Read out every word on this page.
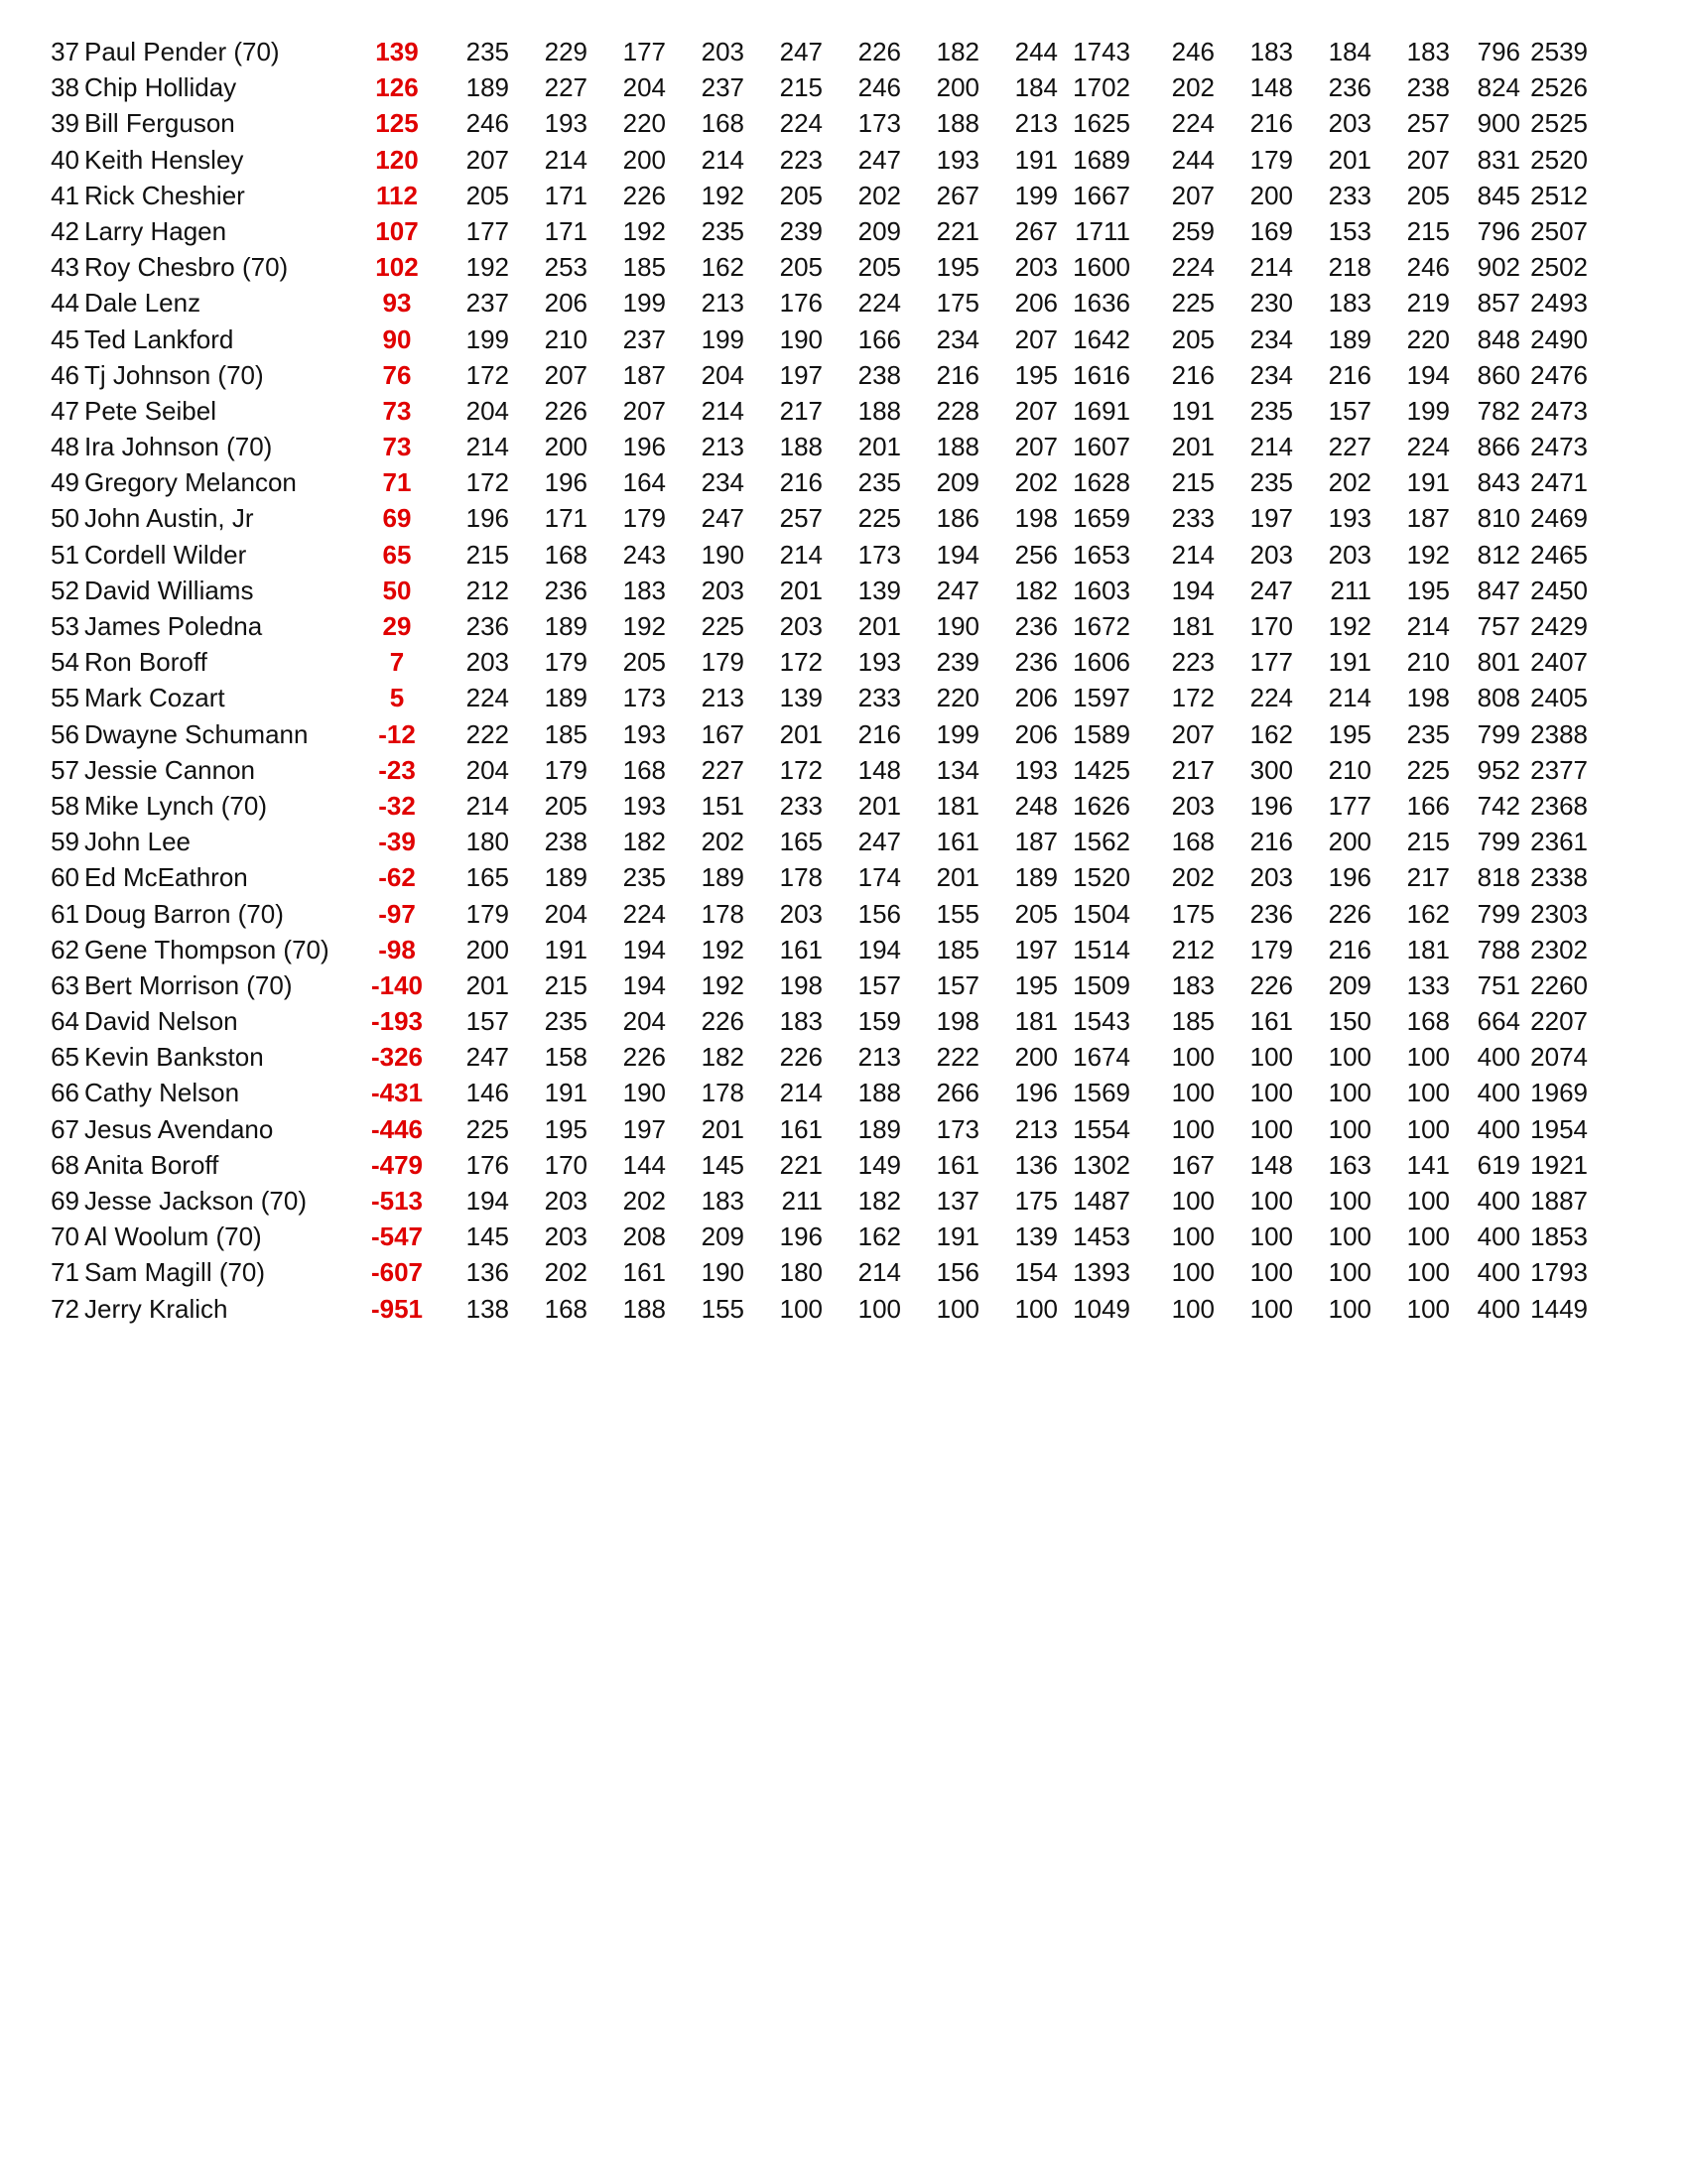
37 Paul Pender (70)	139	235	229	177	203	247	226	182	244 1743	246	183	184	183	796 2539
38 Chip Holliday	126	189	227	204	237	215	246	200	184 1702	202	148	236	238	824 2526
39 Bill Ferguson	125	246	193	220	168	224	173	188	213 1625	224	216	203	257	900 2525
40 Keith Hensley	120	207	214	200	214	223	247	193	191 1689	244	179	201	207	831 2520
41 Rick Cheshier	112	205	171	226	192	205	202	267	199 1667	207	200	233	205	845 2512
42 Larry Hagen	107	177	171	192	235	239	209	221	267 1711	259	169	153	215	796 2507
43 Roy Chesbro (70)	102	192	253	185	162	205	205	195	203 1600	224	214	218	246	902 2502
44 Dale Lenz	93	237	206	199	213	176	224	175	206 1636	225	230	183	219	857 2493
45 Ted Lankford	90	199	210	237	199	190	166	234	207 1642	205	234	189	220	848 2490
46 Tj Johnson (70)	76	172	207	187	204	197	238	216	195 1616	216	234	216	194	860 2476
47 Pete Seibel	73	204	226	207	214	217	188	228	207 1691	191	235	157	199	782 2473
48 Ira Johnson (70)	73	214	200	196	213	188	201	188	207 1607	201	214	227	224	866 2473
49 Gregory Melancon	71	172	196	164	234	216	235	209	202 1628	215	235	202	191	843 2471
50 John Austin, Jr	69	196	171	179	247	257	225	186	198 1659	233	197	193	187	810 2469
51 Cordell Wilder	65	215	168	243	190	214	173	194	256 1653	214	203	203	192	812 2465
52 David Williams	50	212	236	183	203	201	139	247	182 1603	194	247	211	195	847 2450
53 James Poledna	29	236	189	192	225	203	201	190	236 1672	181	170	192	214	757 2429
54 Ron Boroff	7	203	179	205	179	172	193	239	236 1606	223	177	191	210	801 2407
55 Mark Cozart	5	224	189	173	213	139	233	220	206 1597	172	224	214	198	808 2405
56 Dwayne Schumann	-12	222	185	193	167	201	216	199	206 1589	207	162	195	235	799 2388
57 Jessie Cannon	-23	204	179	168	227	172	148	134	193 1425	217	300	210	225	952 2377
58 Mike Lynch (70)	-32	214	205	193	151	233	201	181	248 1626	203	196	177	166	742 2368
59 John Lee	-39	180	238	182	202	165	247	161	187 1562	168	216	200	215	799 2361
60 Ed McEathron	-62	165	189	235	189	178	174	201	189 1520	202	203	196	217	818 2338
61 Doug Barron (70)	-97	179	204	224	178	203	156	155	205 1504	175	236	226	162	799 2303
62 Gene Thompson (70)	-98	200	191	194	192	161	194	185	197 1514	212	179	216	181	788 2302
63 Bert Morrison (70)	-140	201	215	194	192	198	157	157	195 1509	183	226	209	133	751 2260
64 David Nelson	-193	157	235	204	226	183	159	198	181 1543	185	161	150	168	664 2207
65 Kevin Bankston	-326	247	158	226	182	226	213	222	200 1674	100	100	100	100	400 2074
66 Cathy Nelson	-431	146	191	190	178	214	188	266	196 1569	100	100	100	100	400 1969
67 Jesus Avendano	-446	225	195	197	201	161	189	173	213 1554	100	100	100	100	400 1954
68 Anita Boroff	-479	176	170	144	145	221	149	161	136 1302	167	148	163	141	619 1921
69 Jesse Jackson (70)	-513	194	203	202	183	211	182	137	175 1487	100	100	100	100	400 1887
70 Al Woolum (70)	-547	145	203	208	209	196	162	191	139 1453	100	100	100	100	400 1853
71 Sam Magill (70)	-607	136	202	161	190	180	214	156	154 1393	100	100	100	100	400 1793
72 Jerry Kralich	-951	138	168	188	155	100	100	100	100 1049	100	100	100	100	400 1449
